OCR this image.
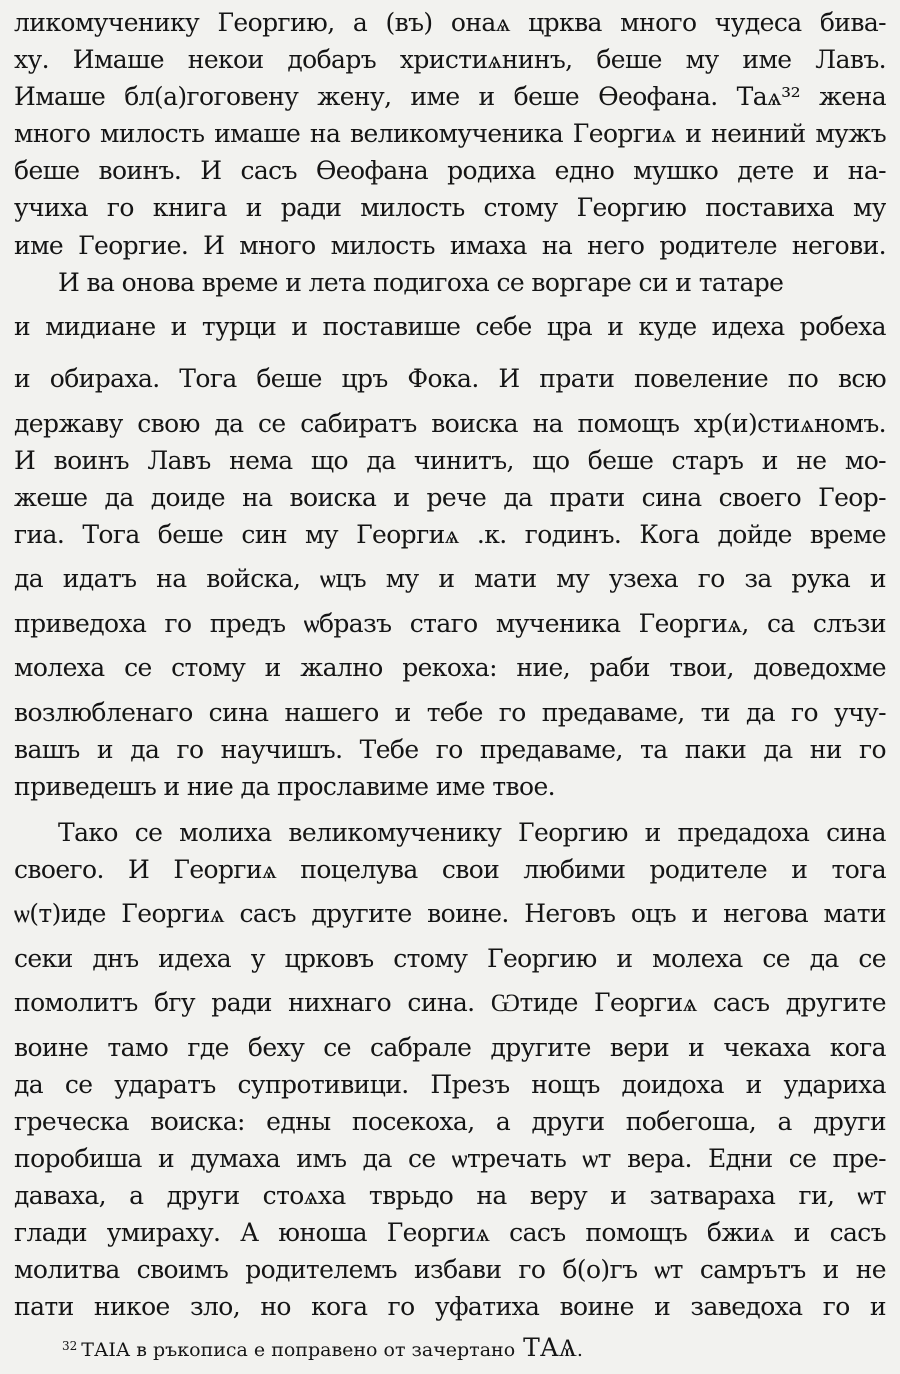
ликомученику Георгию, а (въ) онаѧ црква много чудеса бива-
ху. Имаше некои добаръ христиѧнинъ, беше му име Лавъ.
Имаше бл(а)гоговену жену, име и беше Ѳеофана. Таѧ³² жена
много милость имаше на великомученика Георгиѧ и неиний мужъ
беше воинъ. И сасъ Ѳеофана родиха едно мушко дете и на-
учиха го книга и ради милость стому Георгию поставиха му
име Георгие. И много милость имаха на него родителе негови.
И ва онова време и лета подигоха се воргаре си и татаре
и мидиане и турци и поставише себе цра и куде идеха робеха
и обираха. Тога беше цръ Фока. И прати повеление по всю
державу свою да се сабиратъ воиска на помощъ хр(и)стиѧномъ.
И воинъ Лавъ нема що да чинитъ, що беше старъ и не мо-
жеше да доиде на воиска и рече да прати сина своего Геор-
гиа. Тога беше син му Георгиѧ .к. годинъ. Кога дойде време
да идатъ на войска, ѡцъ му и мати му узеха го за рука и
приведоха го предъ ѡбразъ стаго мученика Георгиѧ, са слъзи
молеха се стому и жално рекоха: ние, раби твои, доведохме
возлюбленаго сина нашего и тебе го предаваме, ти да го учу-
вашъ и да го научишъ. Тебе го предаваме, та паки да ни го
приведешъ и ние да прославиме име твое.
Тако се молиха великомученику Георгию и предадоха сина
своего. И Георгиѧ поцелува свои любими родителе и тога
ѡ(т)иде Георгиѧ сасъ другите воине. Неговъ оцъ и негова мати
секи днъ идеха у црковъ стому Георгию и молеха се да се
помолитъ бгу ради нихнаго сина. Ѡтиде Георгиѧ сасъ другите
воине тамо где беху се сабрале другите вери и чекаха кога
да се ударатъ супротивици. Презъ нощъ доидоха и удариха
греческа воиска: едны посекоха, а други побегоша, а други
поробиша и думаха имъ да се ѡтречать ѡт вера. Едни се пре-
даваха, а други стоѧха тврьдо на веру и затвараха ги, ѡт
глади умираху. А юноша Георгиѧ сасъ помощъ бжиѧ и сасъ
молитва своимъ родителемъ избави го б(о)гъ ѡт самрътъ и не
пати никое зло, но кога го уфатиха воине и заведоха го и
$^{32}$ ТАIА в ръкописа е поправено от зачертано ТАѦ.
